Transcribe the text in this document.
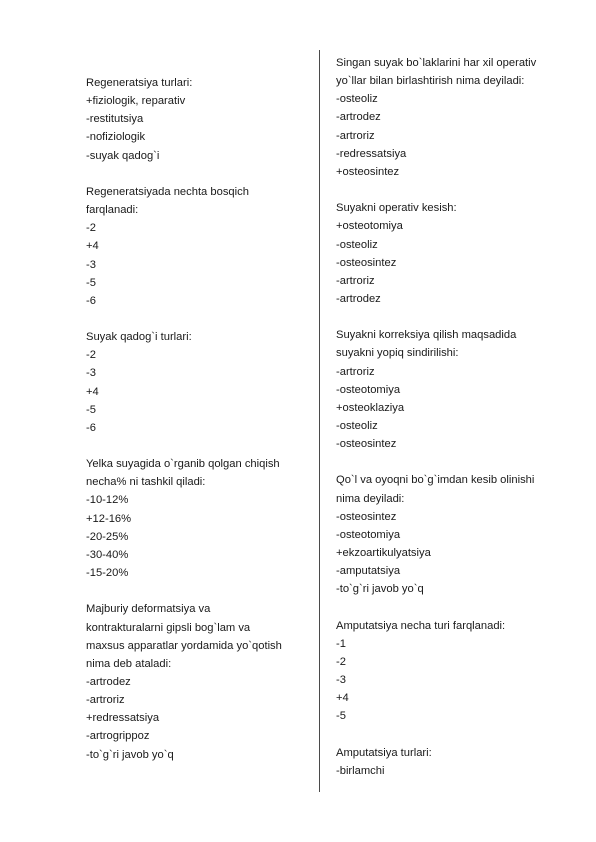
Regeneratsiya turlari:
+fiziologik, reparativ
-restitutsiya
-nofiziologik
-suyak qadog`i
Regeneratsiyada nechta bosqich
farqlanadi:
-2
+4
-3
-5
-6
Suyak qadog`i turlari:
-2
-3
+4
-5
-6
Yelka suyagida o`rganib qolgan chiqish
necha% ni tashkil qiladi:
-10-12%
+12-16%
-20-25%
-30-40%
-15-20%
Majburiy deformatsiya va
kontrakturalarni gipsli bog`lam va
maxsus apparatlar yordamida yo`qotish
nima deb ataladi:
-artrodez
-artroriz
+redressatsiya
-artrogrippoz
-to`g`ri javob yo`q
Singan suyak bo`laklarini har xil operativ
yo`llar bilan birlashtirish nima deyiladi:
-osteoliz
-artrodez
-artroriz
-redressatsiya
+osteosintez
Suyakni operativ kesish:
+osteotomiya
-osteoliz
-osteosintez
-artroriz
-artrodez
Suyakni korreksiya qilish maqsadida
suyakni yopiq sindirilishi:
-artroriz
-osteotomiya
+osteoklaziya
-osteoliz
-osteosintez
Qo`l va oyoqni bo`g`imdan kesib olinishi
nima deyiladi:
-osteosintez
-osteotomiya
+ekzoartikulyatsiya
-amputatsiya
-to`g`ri javob yo`q
Amputatsiya necha turi farqlanadi:
-1
-2
-3
+4
-5
Amputatsiya turlari:
-birlamchi
